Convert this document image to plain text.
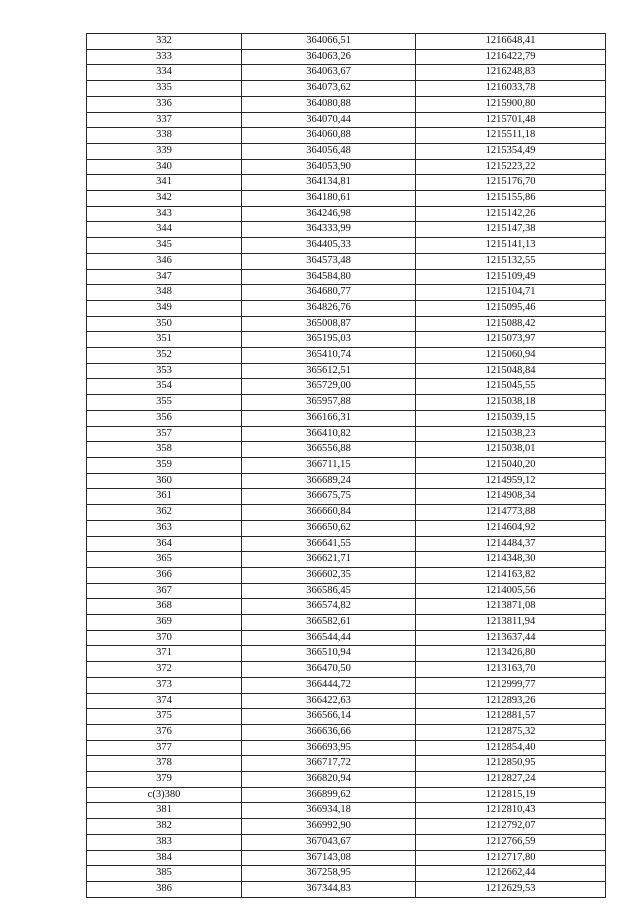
332	364066,51	1216648,41
333	364063,26	1216422,79
334	364063,67	1216248,83
335	364073,62	1216033,78
336	364080,88	1215900,80
337	364070,44	1215701,48
338	364060,88	1215511,18
339	364056,48	1215354,49
340	364053,90	1215223,22
341	364134,81	1215176,70
342	364180,61	1215155,86
343	364246,98	1215142,26
344	364333,99	1215147,38
345	364405,33	1215141,13
346	364573,48	1215132,55
347	364584,80	1215109,49
348	364680,77	1215104,71
349	364826,76	1215095,46
350	365008,87	1215088,42
351	365195,03	1215073,97
352	365410,74	1215060,94
353	365612,51	1215048,84
354	365729,00	1215045,55
355	365957,88	1215038,18
356	366166,31	1215039,15
357	366410,82	1215038,23
358	366556,88	1215038,01
359	366711,15	1215040,20
360	366689,24	1214959,12
361	366675,75	1214908,34
362	366660,84	1214773,88
363	366650,62	1214604,92
364	366641,55	1214484,37
365	366621,71	1214348,30
366	366602,35	1214163,82
367	366586,45	1214005,56
368	366574,82	1213871,08
369	366582,61	1213811,94
370	366544,44	1213637,44
371	366510,94	1213426,80
372	366470,50	1213163,70
373	366444,72	1212999,77
374	366422,63	1212893,26
375	366566,14	1212881,57
376	366636,66	1212875,32
377	366693,95	1212854,40
378	366717,72	1212850,95
379	366820,94	1212827,24
с(3)380	366899,62	1212815,19
381	366934,18	1212810,43
382	366992,90	1212792,07
383	367043,67	1212766,59
384	367143,08	1212717,80
385	367258,95	1212662,44
386	367344,83	1212629,53
